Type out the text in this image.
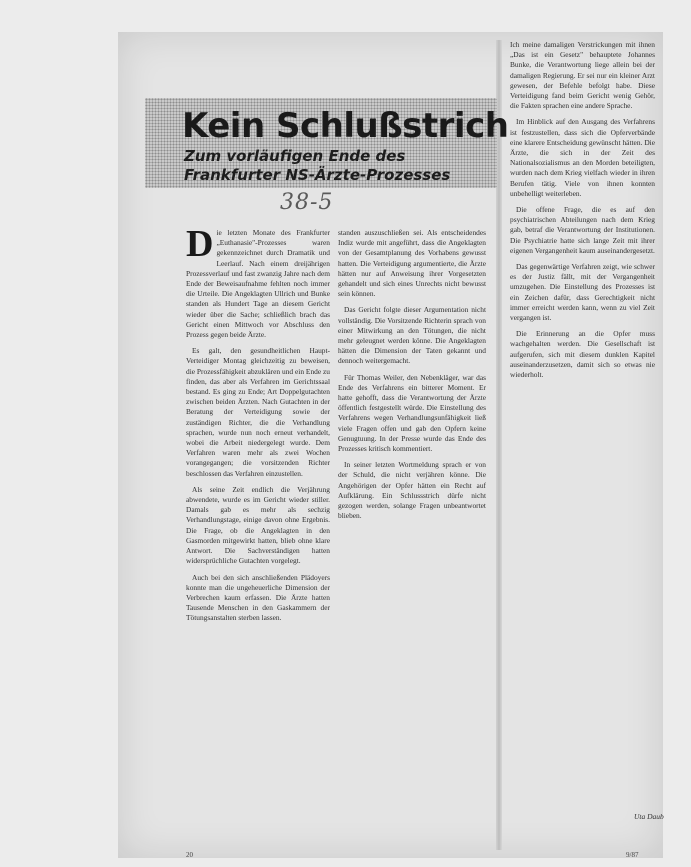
Kein Schlußstrich
Zum vorläufigen Ende des
Frankfurter NS-Ärzte-Prozesses
38-5

Die letzten Monate des Frankfurter „Euthanasie"-Prozesses waren gekennzeichnet durch Dramatik und Leerlauf. Nach einem dreijährigen Prozessverlauf und fast zwanzig Jahre nach dem Ende der Beweisaufnahme fehlten noch immer die Urteile. Die Angeklagten Ullrich und Bunke standen als Hundert Tage an diesem Gericht wieder über die Sache; schließlich brach das Gericht einen Mittwoch vor Abschluss den Prozess gegen beide Ärzte.

Es galt, den gesundheitlichen Haupt-Verteidiger Montag gleichzeitig zu beweisen, die Prozessfähigkeit abzuklären und ein Ende zu finden, das aber als Verfahren im Gerichtssaal bestand. Es ging zu Ende; Art Doppelgutachten zwischen beiden Ärzten. Nach Gutachten in der Beratung der Verteidigung sowie der zuständigen Richter, die die Verhandlung sprachen, wurde nun noch erneut verhandelt, wobei die Arbeit niedergelegt wurde. Dem Verfahren waren mehr als zwei Wochen vorangegangen; die vorsitzenden Richter beschlossen das Verfahren einzustellen.

Als seine Zeit endlich die Verjährung abwendete, wurde es im Gericht wieder stiller. Damals gab es mehr als sechzig Verhandlungstage, einige davon ohne Ergebnis. Die Frage, ob die Angeklagten in den Gasmorden mitgewirkt hatten, blieb ohne klare Antwort. Die Sachverständigen hatten widersprüchliche Gutachten vorgelegt.

Auch bei den sich anschließenden Plädoyers konnte man die ungeheuerliche Dimension der Verbrechen kaum erfassen. Die Ärzte hatten Tausende Menschen in den Gaskammern der Tötungsanstalten sterben lassen.

standen auszuschließen sei. Als entscheidendes Indiz wurde mit angeführt, dass die Angeklagten von der Gesamtplanung des Vorhabens gewusst hatten. Die Verteidigung argumentierte, die Ärzte hätten nur auf Anweisung ihrer Vorgesetzten gehandelt und sich eines Unrechts nicht bewusst sein können.

Das Gericht folgte dieser Argumentation nicht vollständig. Die Vorsitzende Richterin sprach von einer Mitwirkung an den Tötungen, die nicht mehr geleugnet werden könne. Die Angeklagten hätten die Dimension der Taten gekannt und dennoch weitergemacht.

Für Thomas Weiler, den Nebenkläger, war das Ende des Verfahrens ein bitterer Moment. Er hatte gehofft, dass die Verantwortung der Ärzte öffentlich festgestellt würde. Die Einstellung des Verfahrens wegen Verhandlungsunfähigkeit ließ viele Fragen offen und gab den Opfern keine Genugtuung. In der Presse wurde das Ende des Prozesses kritisch kommentiert.

In seiner letzten Wortmeldung sprach er von der Schuld, die nicht verjähren könne. Die Angehörigen der Opfer hätten ein Recht auf Aufklärung. Ein Schlussstrich dürfe nicht gezogen werden, solange Fragen unbeantwortet blieben.

Ich meine damaligen Verstrickungen mit ihnen „Das ist ein Gesetz" behauptete Johannes Bunke, die Verantwortung liege allein bei der damaligen Regierung. Er sei nur ein kleiner Arzt gewesen, der Befehle befolgt habe. Diese Verteidigung fand beim Gericht wenig Gehör, die Fakten sprachen eine andere Sprache.

Im Hinblick auf den Ausgang des Verfahrens ist festzustellen, dass sich die Opferverbände eine klarere Entscheidung gewünscht hätten. Die Ärzte, die sich in der Zeit des Nationalsozialismus an den Morden beteiligten, wurden nach dem Krieg vielfach wieder in ihren Berufen tätig. Viele von ihnen konnten unbehelligt weiterleben.

Die offene Frage, die es auf den psychiatrischen Abteilungen nach dem Krieg gab, betraf die Verantwortung der Institutionen. Die Psychiatrie hatte sich lange Zeit mit ihrer eigenen Vergangenheit kaum auseinandergesetzt.

Das gegenwärtige Verfahren zeigt, wie schwer es der Justiz fällt, mit der Vergangenheit umzugehen. Die Einstellung des Prozesses ist ein Zeichen dafür, dass Gerechtigkeit nicht immer erreicht werden kann, wenn zu viel Zeit vergangen ist.

Die Erinnerung an die Opfer muss wachgehalten werden. Die Gesellschaft ist aufgerufen, sich mit diesem dunklen Kapitel auseinanderzusetzen, damit sich so etwas nie wiederholt.

Uta Daub
20	9/87
